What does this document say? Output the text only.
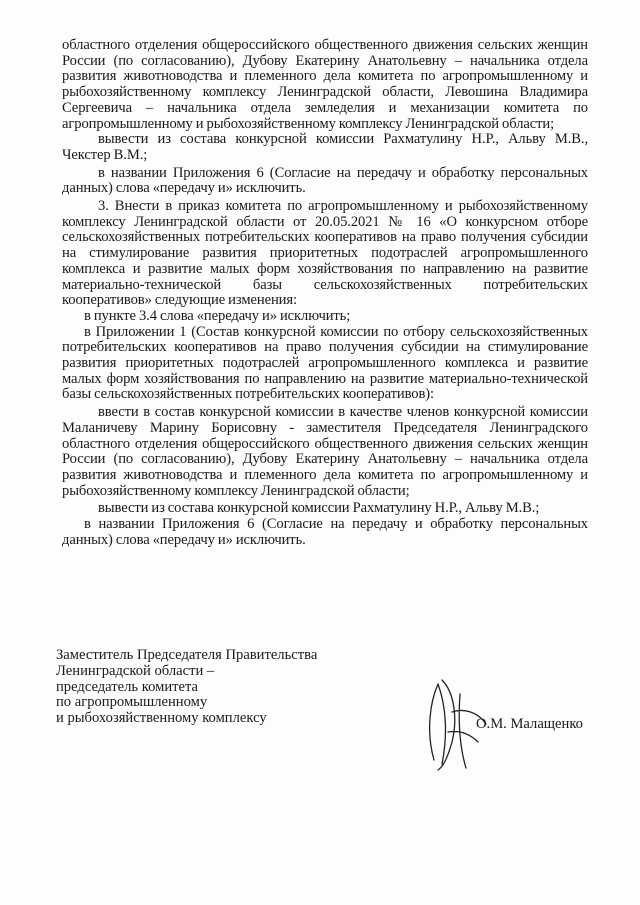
областного отделения общероссийского общественного движения сельских женщин России (по согласованию), Дубову Екатерину Анатольевну – начальника отдела развития животноводства и племенного дела комитета по агропромышленному и рыбохозяйственному комплексу Ленинградской области, Левошина Владимира Сергеевича – начальника отдела земледелия и механизации комитета по агропромышленному и рыбохозяйственному комплексу Ленинградской области;

вывести из состава конкурсной комиссии Рахматулину Н.Р., Альву М.В., Чекстер В.М.;

в названии Приложения 6 (Согласие на передачу и обработку персональных данных) слова «передачу и» исключить.

3. Внести в приказ комитета по агропромышленному и рыбохозяйственному комплексу Ленинградской области от 20.05.2021 № 16 «О конкурсном отборе сельскохозяйственных потребительских кооперативов на право получения субсидии на стимулирование развития приоритетных подотраслей агропромышленного комплекса и развитие малых форм хозяйствования по направлению на развитие материально-технической базы сельскохозяйственных потребительских кооперативов» следующие изменения:

в пункте 3.4 слова «передачу и» исключить;

в Приложении 1 (Состав конкурсной комиссии по отбору сельскохозяйственных потребительских кооперативов на право получения субсидии на стимулирование развития приоритетных подотраслей агропромышленного комплекса и развитие малых форм хозяйствования по направлению на развитие материально-технической базы сельскохозяйственных потребительских кооперативов):

ввести в состав конкурсной комиссии в качестве членов конкурсной комиссии Маланичеву Марину Борисовну - заместителя Председателя Ленинградского областного отделения общероссийского общественного движения сельских женщин России (по согласованию), Дубову Екатерину Анатольевну – начальника отдела развития животноводства и племенного дела комитета по агропромышленному и рыбохозяйственному комплексу Ленинградской области;

вывести из состава конкурсной комиссии Рахматулину Н.Р., Альву М.В.;

в названии Приложения 6 (Согласие на передачу и обработку персональных данных) слова «передачу и» исключить.

Заместитель Председателя Правительства
Ленинградской области –
председатель комитета
по агропромышленному
и рыбохозяйственному комплексу	О.М. Малащенко
